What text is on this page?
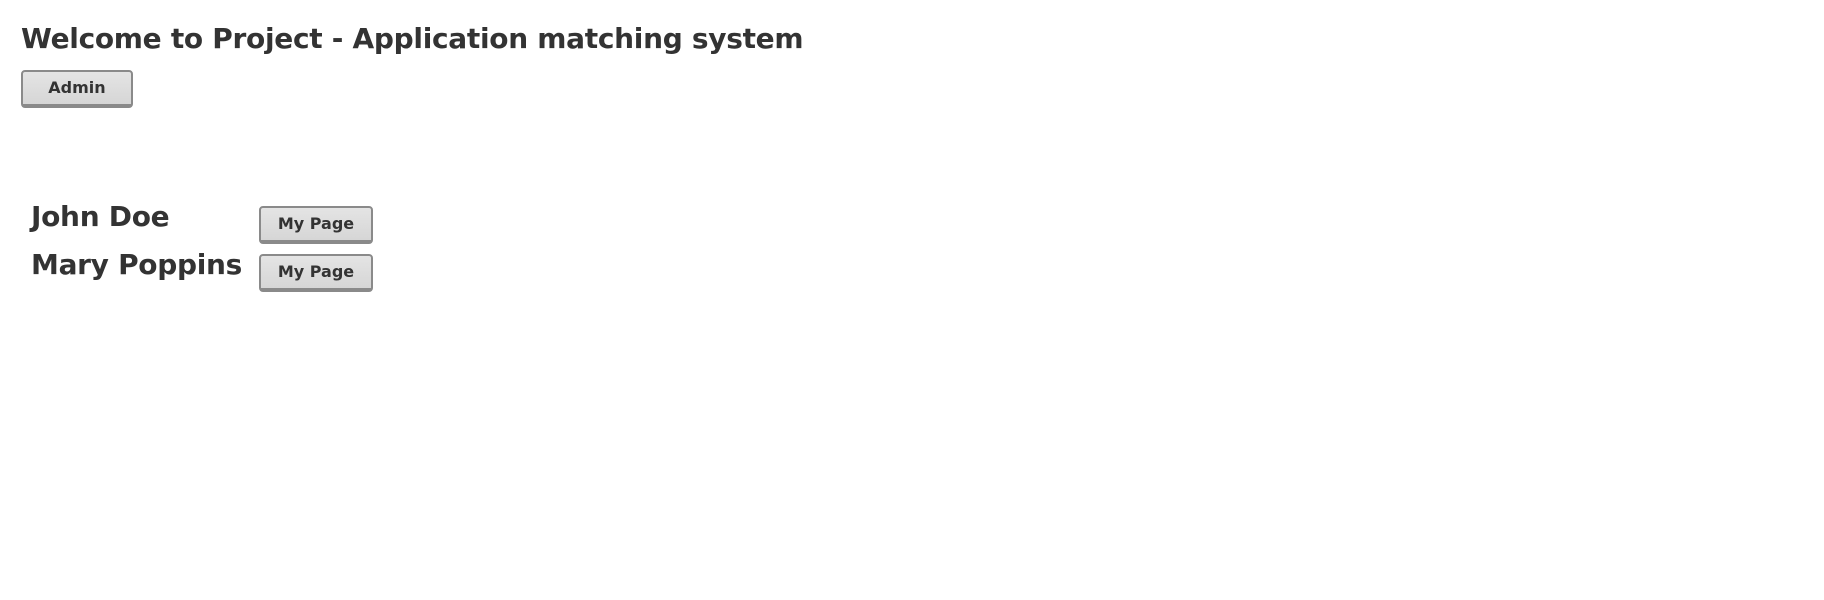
Welcome to Project - Application matching system
Admin
John Doe	My Page
Mary Poppins	My Page
